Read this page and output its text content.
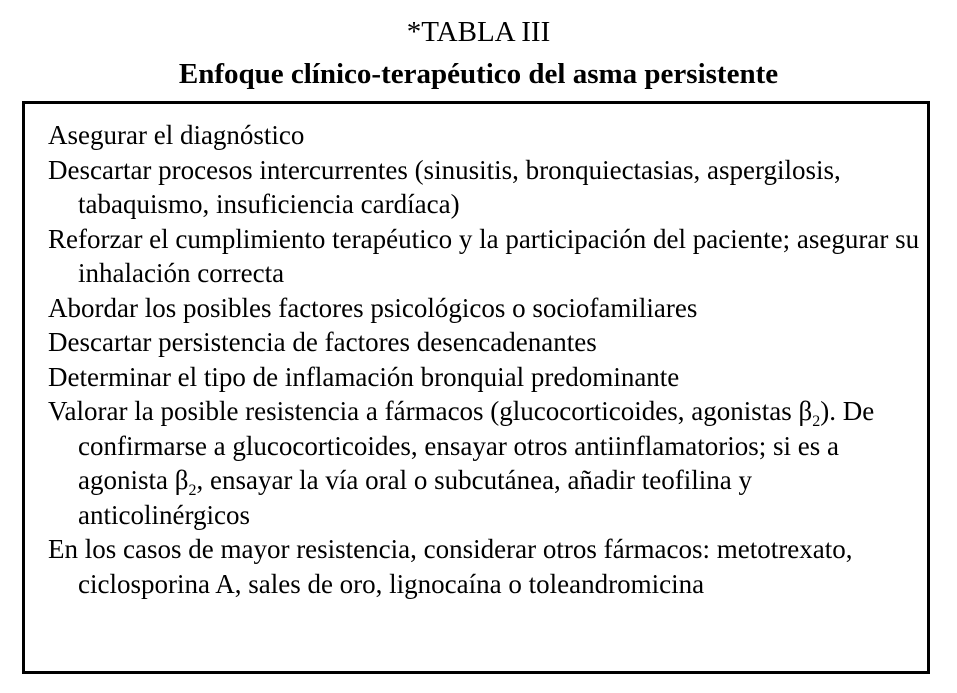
*TABLA III
Enfoque clínico-terapéutico del asma persistente
Asegurar el diagnóstico
Descartar procesos intercurrentes (sinusitis, bronquiectasias, aspergilosis, tabaquismo, insuficiencia cardíaca)
Reforzar el cumplimiento terapéutico y la participación del paciente; asegurar su inhalación correcta
Abordar los posibles factores psicológicos o sociofamiliares
Descartar persistencia de factores desencadenantes
Determinar el tipo de inflamación bronquial predominante
Valorar la posible resistencia a fármacos (glucocorticoides, agonistas $\beta_2$). De confirmarse a glucocorticoides, ensayar otros antiinflamatorios; si es a agonista $\beta_2$, ensayar la vía oral o subcutánea, añadir teofilina y anticolinérgicos
En los casos de mayor resistencia, considerar otros fármacos: metotrexato, ciclosporina A, sales de oro, lignocaína o toleandromicina
